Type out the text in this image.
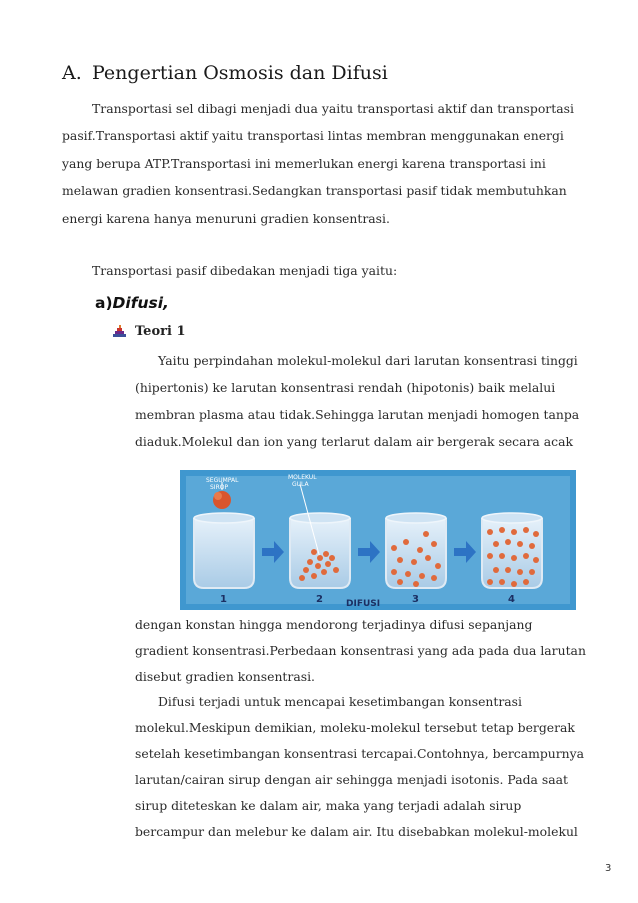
A. Pengertian Osmosis dan Difusi
Transportasi sel dibagi menjadi dua yaitu transportasi aktif dan transportasi
pasif.Transportasi aktif yaitu transportasi lintas membran menggunakan energi
yang berupa ATP.Transportasi ini memerlukan energi karena transportasi ini
melawan gradien konsentrasi.Sedangkan transportasi pasif tidak membutuhkan
energi karena hanya menuruni gradien konsentrasi.
Transportasi pasif dibedakan menjadi tiga yaitu:
a)Difusi,
Teori 1
Yaitu perpindahan molekul-molekul dari larutan konsentrasi tinggi
(hipertonis) ke larutan konsentrasi rendah (hipotonis) baik melalui
membran plasma atau tidak.Sehingga larutan menjadi homogen tanpa
diaduk.Molekul dan ion yang terlarut dalam air bergerak secara acak
SEGUMPAL
SIROP
MOLEKUL
GULA
1	2	3	4
DIFUSI
dengan konstan hingga mendorong terjadinya difusi sepanjang
gradient konsentrasi.Perbedaan konsentrasi yang ada pada dua larutan
disebut gradien konsentrasi.
Difusi terjadi untuk mencapai kesetimbangan konsentrasi
molekul.Meskipun demikian, moleku-molekul tersebut tetap bergerak
setelah kesetimbangan konsentrasi tercapai.Contohnya, bercampurnya
larutan/cairan sirup dengan air sehingga menjadi isotonis. Pada saat
sirup diteteskan ke dalam air, maka yang terjadi adalah sirup
bercampur dan melebur ke dalam air. Itu disebabkan molekul-molekul
3
